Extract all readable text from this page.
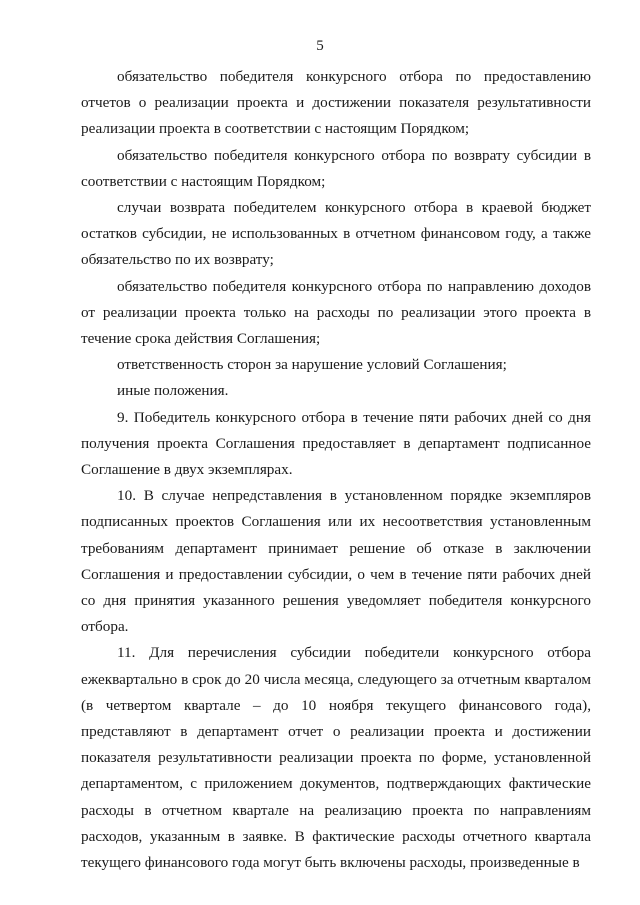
5

обязательство победителя конкурсного отбора по предоставлению отчетов о реализации проекта и достижении показателя результативности реализации проекта в соответствии с настоящим Порядком;

обязательство победителя конкурсного отбора по возврату субсидии в соответствии с настоящим Порядком;

случаи возврата победителем конкурсного отбора в краевой бюджет остатков субсидии, не использованных в отчетном финансовом году, а также обязательство по их возврату;

обязательство победителя конкурсного отбора по направлению доходов от реализации проекта только на расходы по реализации этого проекта в течение срока действия Соглашения;

ответственность сторон за нарушение условий Соглашения;

иные положения.

9. Победитель конкурсного отбора в течение пяти рабочих дней со дня получения проекта Соглашения предоставляет в департамент подписанное Соглашение в двух экземплярах.

10. В случае непредставления в установленном порядке экземпляров подписанных проектов Соглашения или их несоответствия установленным требованиям департамент принимает решение об отказе в заключении Соглашения и предоставлении субсидии, о чем в течение пяти рабочих дней со дня принятия указанного решения уведомляет победителя конкурсного отбора.

11. Для перечисления субсидии победители конкурсного отбора ежеквартально в срок до 20 числа месяца, следующего за отчетным кварталом (в четвертом квартале – до 10 ноября текущего финансового года), представляют в департамент отчет о реализации проекта и достижении показателя результативности реализации проекта по форме, установленной департаментом, с приложением документов, подтверждающих фактические расходы в отчетном квартале на реализацию проекта по направлениям расходов, указанным в заявке. В фактические расходы отчетного квартала текущего финансового года могут быть включены расходы, произведенные в
